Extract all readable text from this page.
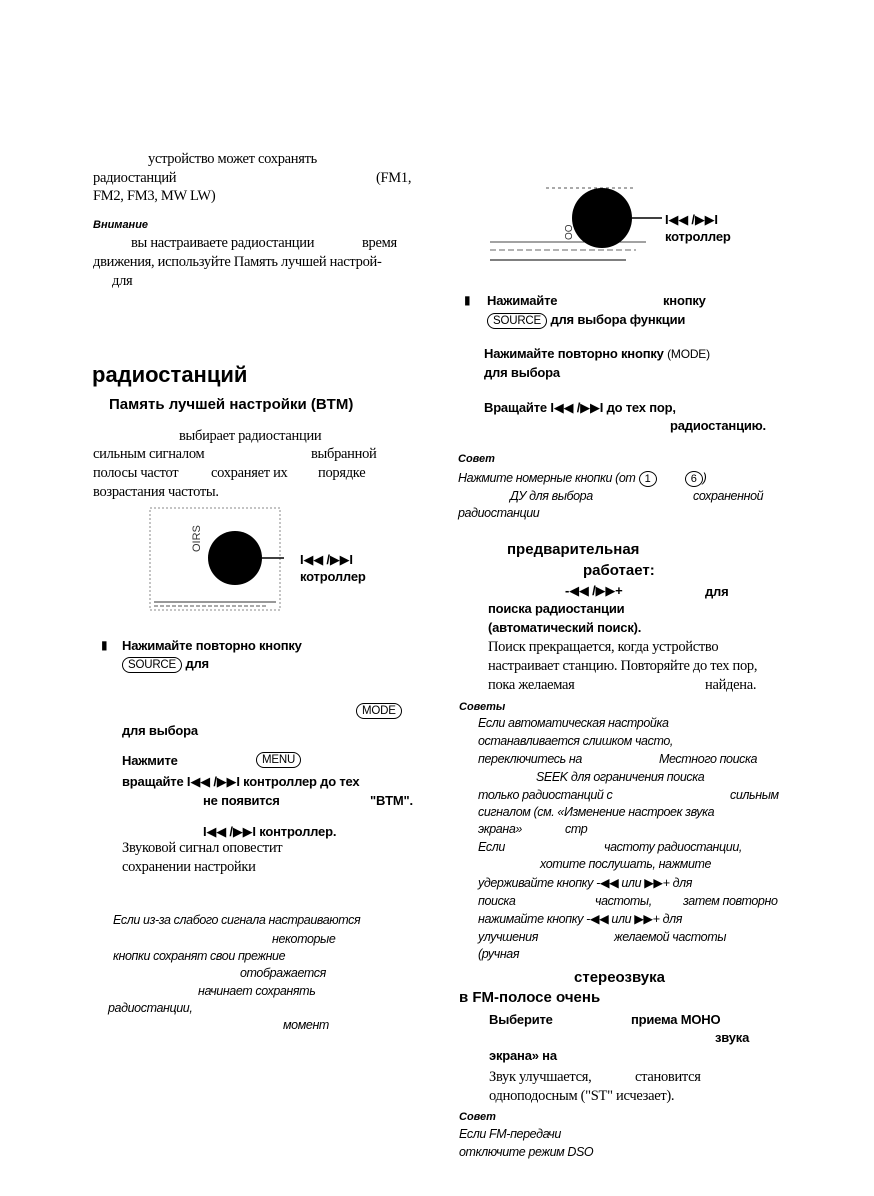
устройство может сохранять
радиостанций	(FM1,
FM2, FM3, MW LW)
Внимание
вы настраиваете радиостанции	время
движения, используйте Память лучшей настрой-
для
радиостанций
Память лучшей настройки (BTM)
выбирает радиостанции
сильным сигналом	выбранной
полосы частот сохраняет их порядке
возрастания частоты.
OIRS
I◀◀ /▶▶I
котроллер
▮ Нажимайте повторно кнопку
SOURCE для
MODE
для выбора
Нажмите	MENU
вращайте I◀◀ /▶▶I контроллер до тех
не появится	"BTM".
I◀◀ /▶▶I контроллер.
Звуковой сигнал оповестит
сохранении настройки
Если из-за слабого сигнала настраиваются
некоторые
кнопки сохранят свои прежние
отображается
начинает сохранять
радиостанции,
момент
OO
I◀◀ /▶▶I
котроллер
▮ Нажимайте	кнопку
SOURCE для выбора функции
Нажимайте повторно кнопку (MODE)
для выбора
Вращайте I◀◀ /▶▶I до тех пор,
радиостанцию.
Совет
Нажмите номерные кнопки (от 1	6 )
ДУ для выбора	сохраненной
радиостанции
предварительная
работает:
-◀◀ /▶▶+	для
поиска радиостанции
(автоматический поиск).
Поиск прекращается, когда устройство
настраивает станцию. Повторяйте до тех пор,
пока желаемая	найдена.
Советы
Если автоматическая настройка
останавливается слишком часто,
переключитесь на	Местного поиска
SEEK для ограничения поиска
только радиостанций с	сильным
сигналом (см. «Изменение настроек звука
экрана»	стр
Если	частоту радиостанции,
хотите послушать, нажмите
удерживайте кнопку -◀◀ или ▶▶+ для
поиска	частоты, затем повторно
нажимайте кнопку -◀◀ или ▶▶+ для
улучшения	желаемой частоты
(ручная
стереозвука
в FM-полосе очень
Выберите	приема МОНО
звука
экрана» на
Звук улучшается,	становится
одноподосным ("ST" исчезает).
Совет
Если FM-передачи
отключите режим DSO
